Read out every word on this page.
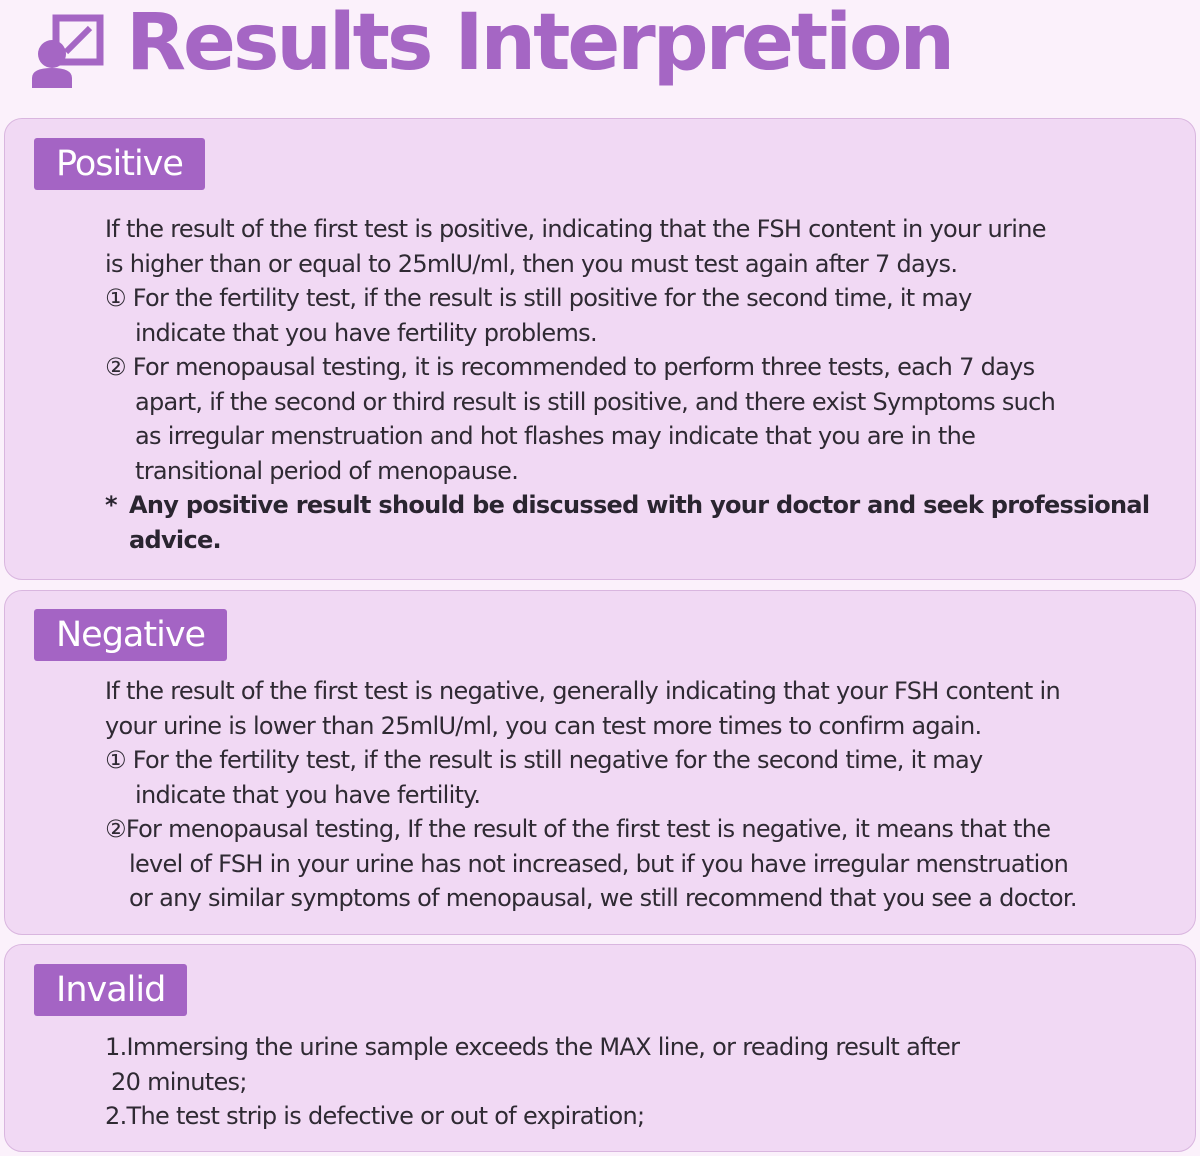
Results Interpretion
Positive
If the result of the first test is positive, indicating that the FSH content in your urine
is higher than or equal to 25mlU/ml, then you must test again after 7 days.
① For the fertility test, if the result is still positive for the second time, it may
indicate that you have fertility problems.
② For menopausal testing, it is recommended to perform three tests, each 7 days
apart, if the second or third result is still positive, and there exist Symptoms such
as irregular menstruation and hot flashes may indicate that you are in the
transitional period of menopause.
* Any positive result should be discussed with your doctor and seek professional
advice.
Negative
If the result of the first test is negative, generally indicating that your FSH content in
your urine is lower than 25mlU/ml, you can test more times to confirm again.
① For the fertility test, if the result is still negative for the second time, it may
indicate that you have fertility.
②For menopausal testing, If the result of the first test is negative, it means that the
level of FSH in your urine has not increased, but if you have irregular menstruation
or any similar symptoms of menopausal, we still recommend that you see a doctor.
Invalid
1.Immersing the urine sample exceeds the MAX line, or reading result after
20 minutes;
2.The test strip is defective or out of expiration;
